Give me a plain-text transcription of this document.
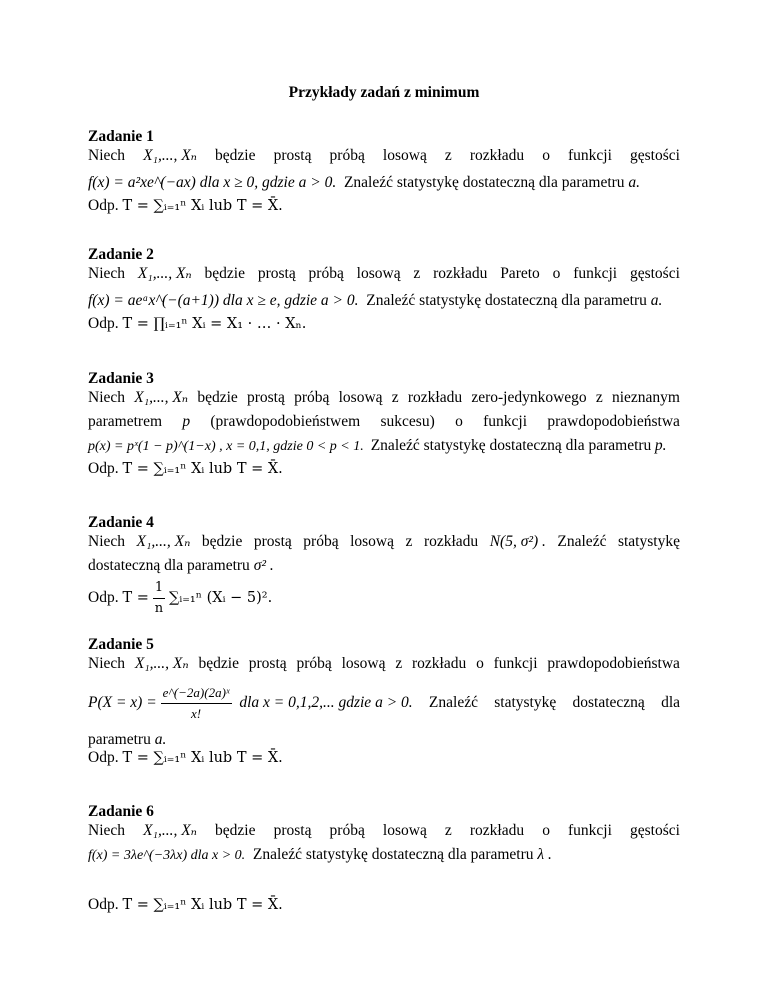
Przykłady zadań z minimum
Zadanie 1
Niech X₁,..., Xₙ będzie prostą próbą losową z rozkładu o funkcji gęstości
f(x) = a²xe^(−ax) dla x ≥ 0, gdzie a > 0. Znaleźć statystykę dostateczną dla parametru a.
Odp. T = ∑ᵢ₌₁ⁿ Xᵢ lub T = X̄.
Zadanie 2
Niech X₁,..., Xₙ będzie prostą próbą losową z rozkładu Pareto o funkcji gęstości
f(x) = aeᵃx^(−(a+1)) dla x ≥ e, gdzie a > 0. Znaleźć statystykę dostateczną dla parametru a.
Odp. T = ∏ᵢ₌₁ⁿ Xᵢ = X₁ · … · Xₙ.
Zadanie 3
Niech X₁,..., Xₙ będzie prostą próbą losową z rozkładu zero-jedynkowego z nieznanym
parametrem p (prawdopodobieństwem sukcesu) o funkcji prawdopodobieństwa
p(x) = pˣ(1 − p)^(1−x) , x = 0,1, gdzie 0 < p < 1. Znaleźć statystykę dostateczną dla parametru p.
Odp. T = ∑ᵢ₌₁ⁿ Xᵢ lub T = X̄.
Zadanie 4
Niech X₁,..., Xₙ będzie prostą próbą losową z rozkładu N(5, σ²) . Znaleźć statystykę
dostateczną dla parametru σ² .
Odp. $T = \frac{1}{n}$ ∑ᵢ₌₁ⁿ (Xᵢ − 5)².
Zadanie 5
Niech X₁,..., Xₙ będzie prostą próbą losową z rozkładu o funkcji prawdopodobieństwa
$P(X = x) = \frac{\text{e\textasciicircum{}(−2a)(2a)ˣ}}{x!}$ dla x = 0,1,2,... gdzie a > 0. Znaleźć statystykę dostateczną dla
parametru a.
Odp. T = ∑ᵢ₌₁ⁿ Xᵢ lub T = X̄.
Zadanie 6
Niech X₁,..., Xₙ będzie prostą próbą losową z rozkładu o funkcji gęstości
f(x) = 3λe^(−3λx) dla x > 0. Znaleźć statystykę dostateczną dla parametru λ .
Odp. T = ∑ᵢ₌₁ⁿ Xᵢ lub T = X̄.
